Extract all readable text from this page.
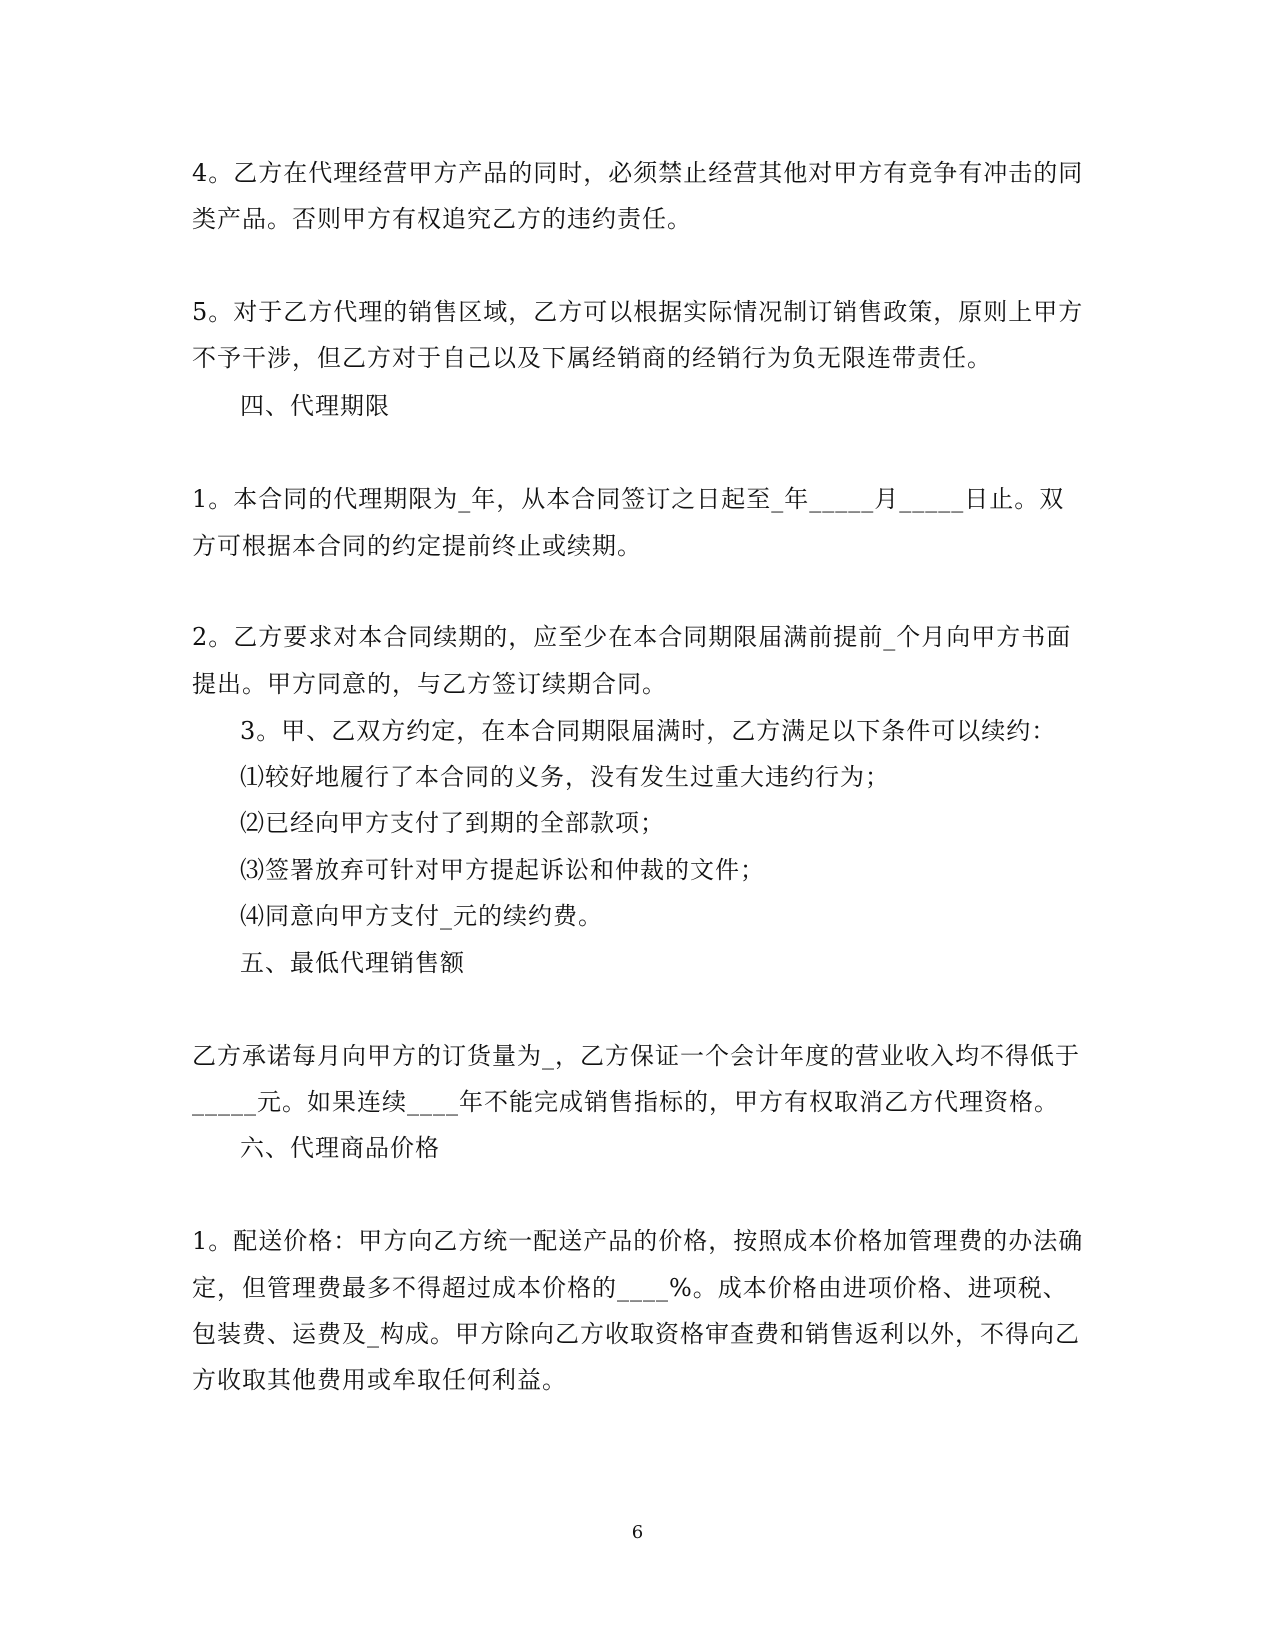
4。乙方在代理经营甲方产品的同时，必须禁止经营其他对甲方有竞争有冲击的同
类产品。否则甲方有权追究乙方的违约责任。
5。对于乙方代理的销售区域，乙方可以根据实际情况制订销售政策，原则上甲方
不予干涉，但乙方对于自己以及下属经销商的经销行为负无限连带责任。
四、代理期限
1。本合同的代理期限为_年，从本合同签订之日起至_年_____月_____日止。双
方可根据本合同的约定提前终止或续期。
2。乙方要求对本合同续期的，应至少在本合同期限届满前提前_个月向甲方书面
提出。甲方同意的，与乙方签订续期合同。
3。甲、乙双方约定，在本合同期限届满时，乙方满足以下条件可以续约：
⑴较好地履行了本合同的义务，没有发生过重大违约行为；
⑵已经向甲方支付了到期的全部款项；
⑶签署放弃可针对甲方提起诉讼和仲裁的文件；
⑷同意向甲方支付_元的续约费。
五、最低代理销售额
乙方承诺每月向甲方的订货量为_，乙方保证一个会计年度的营业收入均不得低于
_____元。如果连续____年不能完成销售指标的，甲方有权取消乙方代理资格。
六、代理商品价格
1。配送价格：甲方向乙方统一配送产品的价格，按照成本价格加管理费的办法确
定，但管理费最多不得超过成本价格的____%。成本价格由进项价格、进项税、
包装费、运费及_构成。甲方除向乙方收取资格审查费和销售返利以外，不得向乙
方收取其他费用或牟取任何利益。
6
